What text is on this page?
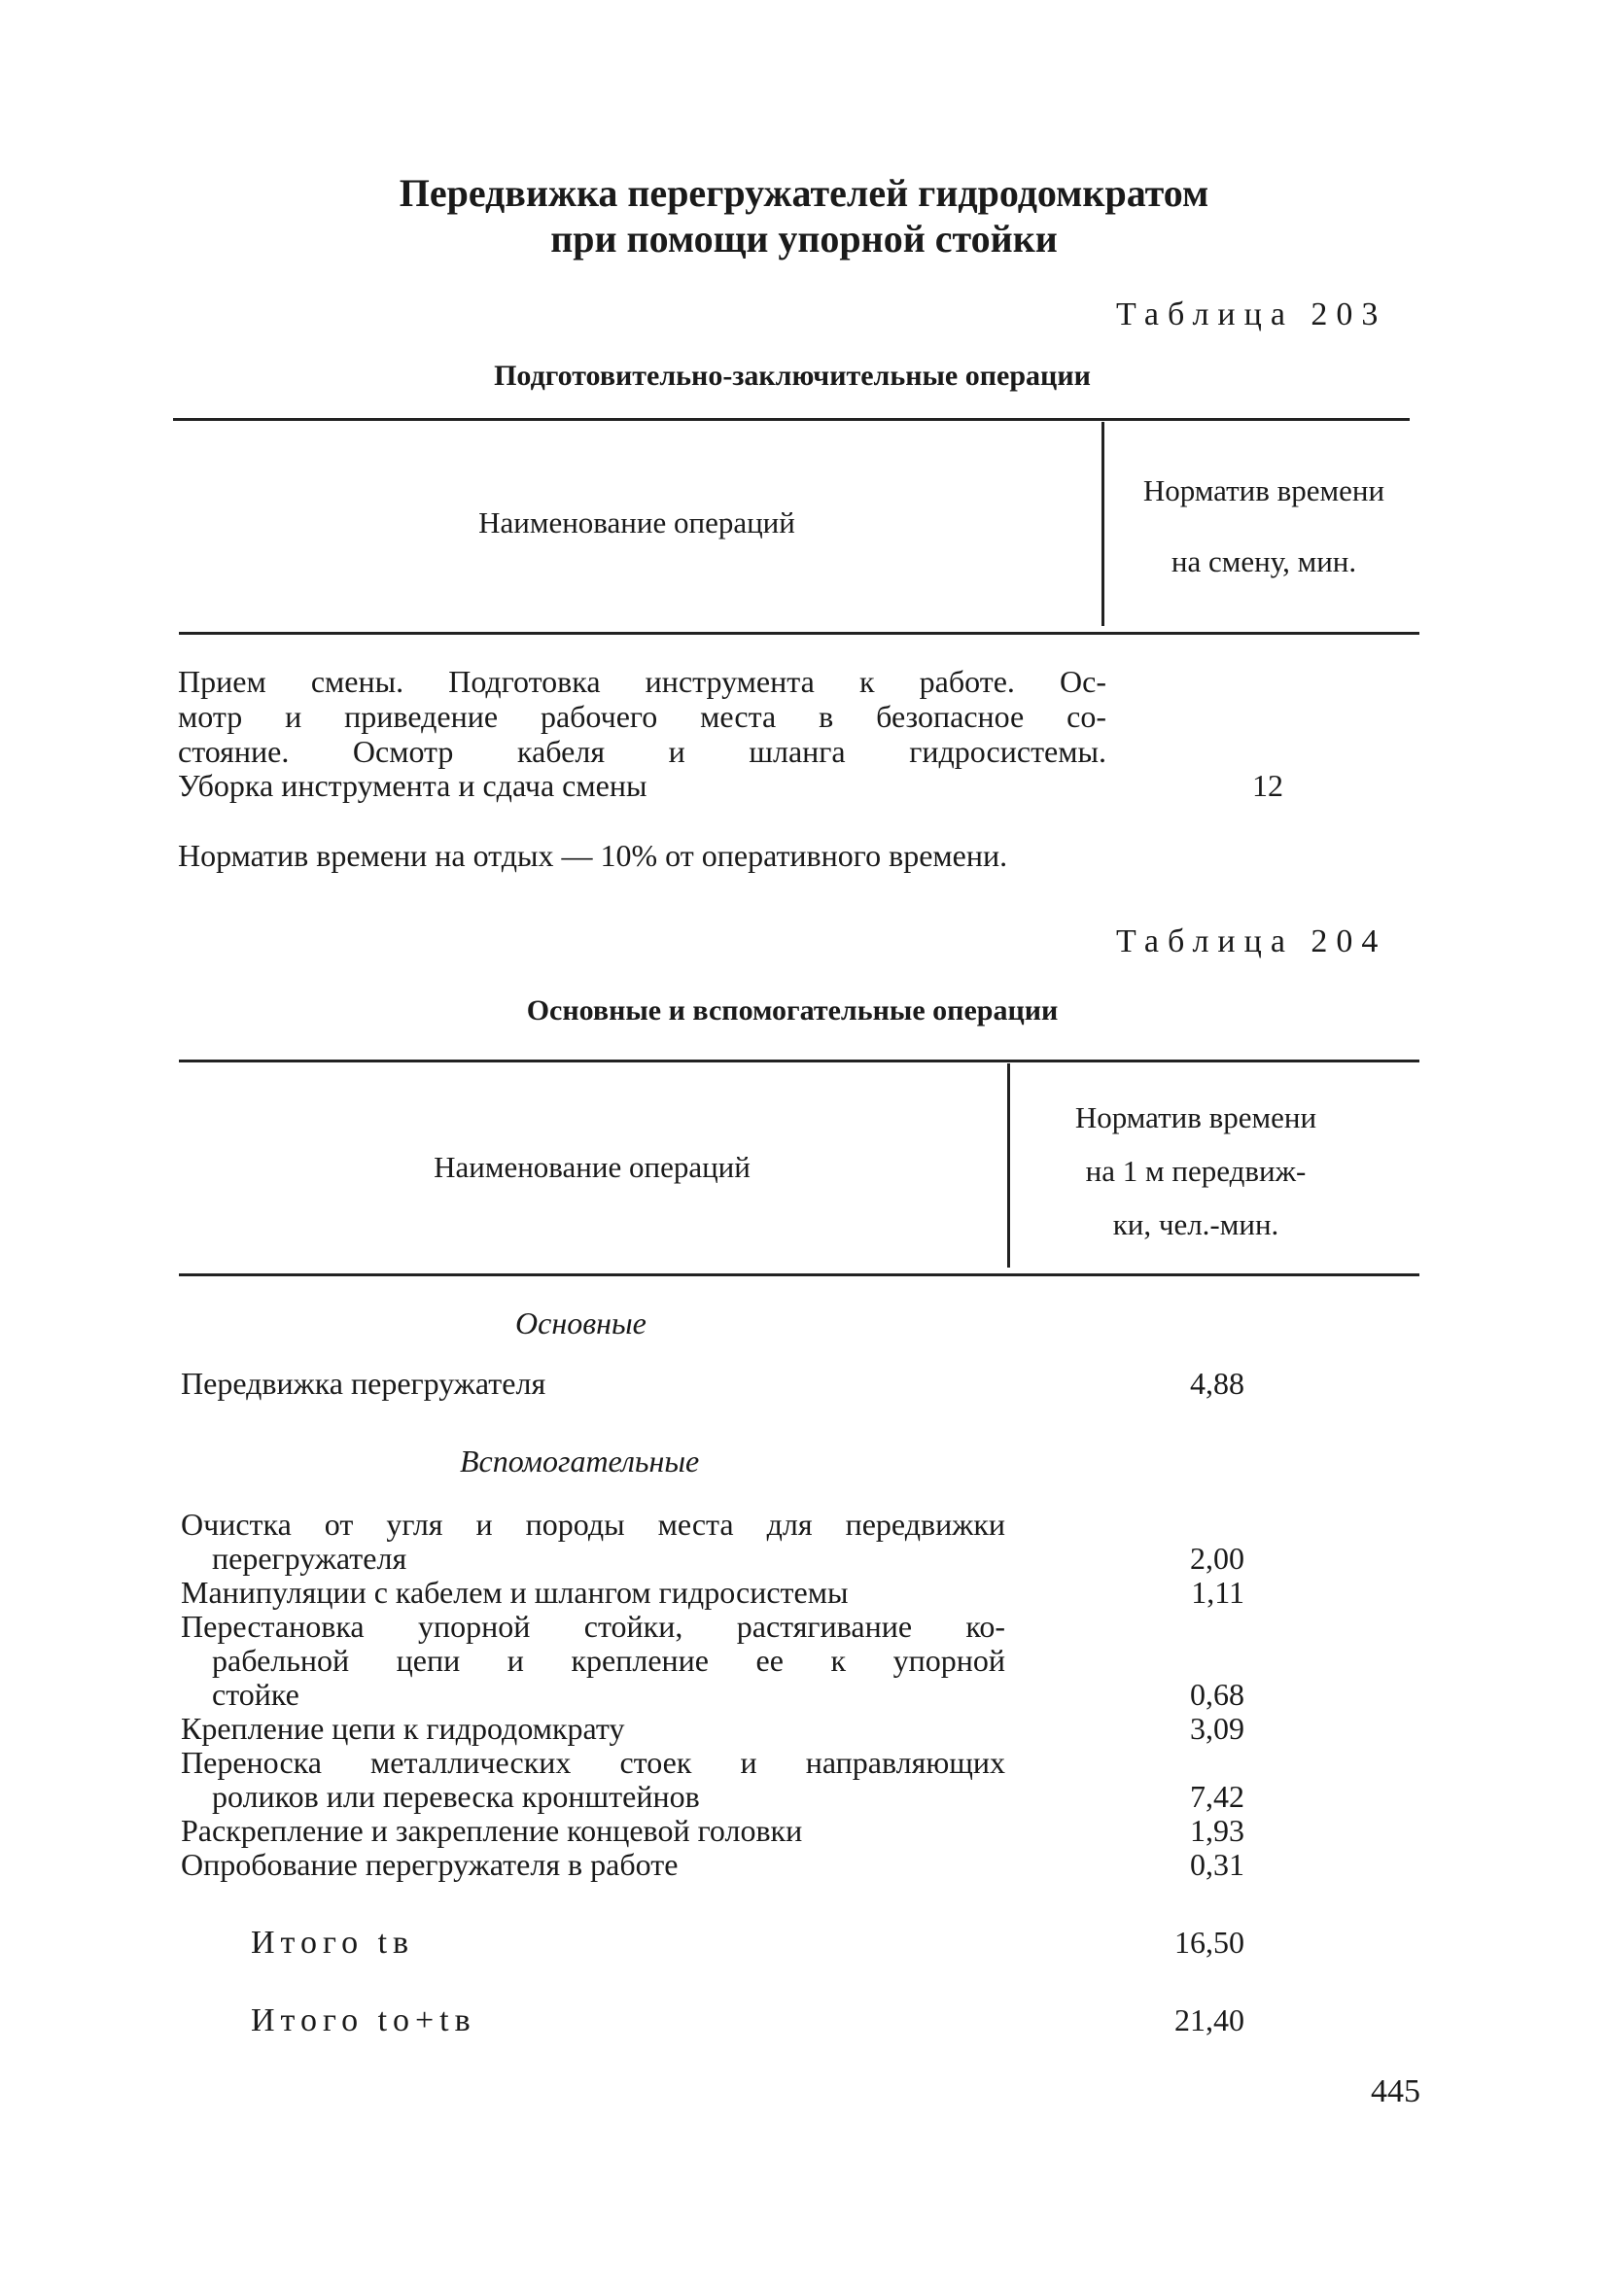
Передвижка перегружателей гидродомкратом
при помощи упорной стойки
Таблица 203
Подготовительно-заключительные операции
Наименование операций
Норматив времени
на смену, мин.
Прием смены. Подготовка инструмента к работе. Ос-
мотр и приведение рабочего места в безопасное со-
стояние. Осмотр кабеля и шланга гидросистемы.
Уборка инструмента и сдача смены	12
Норматив времени на отдых — 10% от оперативного времени.
Таблица 204
Основные и вспомогательные операции
Наименование операций
Норматив времени
на 1 м передвиж-
ки, чел.-мин.
Основные
Передвижка перегружателя	4,88
Вспомогательные
Очистка от угля и породы места для передвижки
перегружателя	2,00
Манипуляции с кабелем и шлангом гидросистемы	1,11
Перестановка упорной стойки, растягивание ко-
рабельной цепи и крепление ее к упорной
стойке	0,68
Крепление цепи к гидродомкрату	3,09
Переноска металлических стоек и направляющих
роликов или перевеска кронштейнов	7,42
Раскрепление и закрепление концевой головки	1,93
Опробование перегружателя в работе	0,31
Итого tв	16,50
Итого tо+tв	21,40
445
